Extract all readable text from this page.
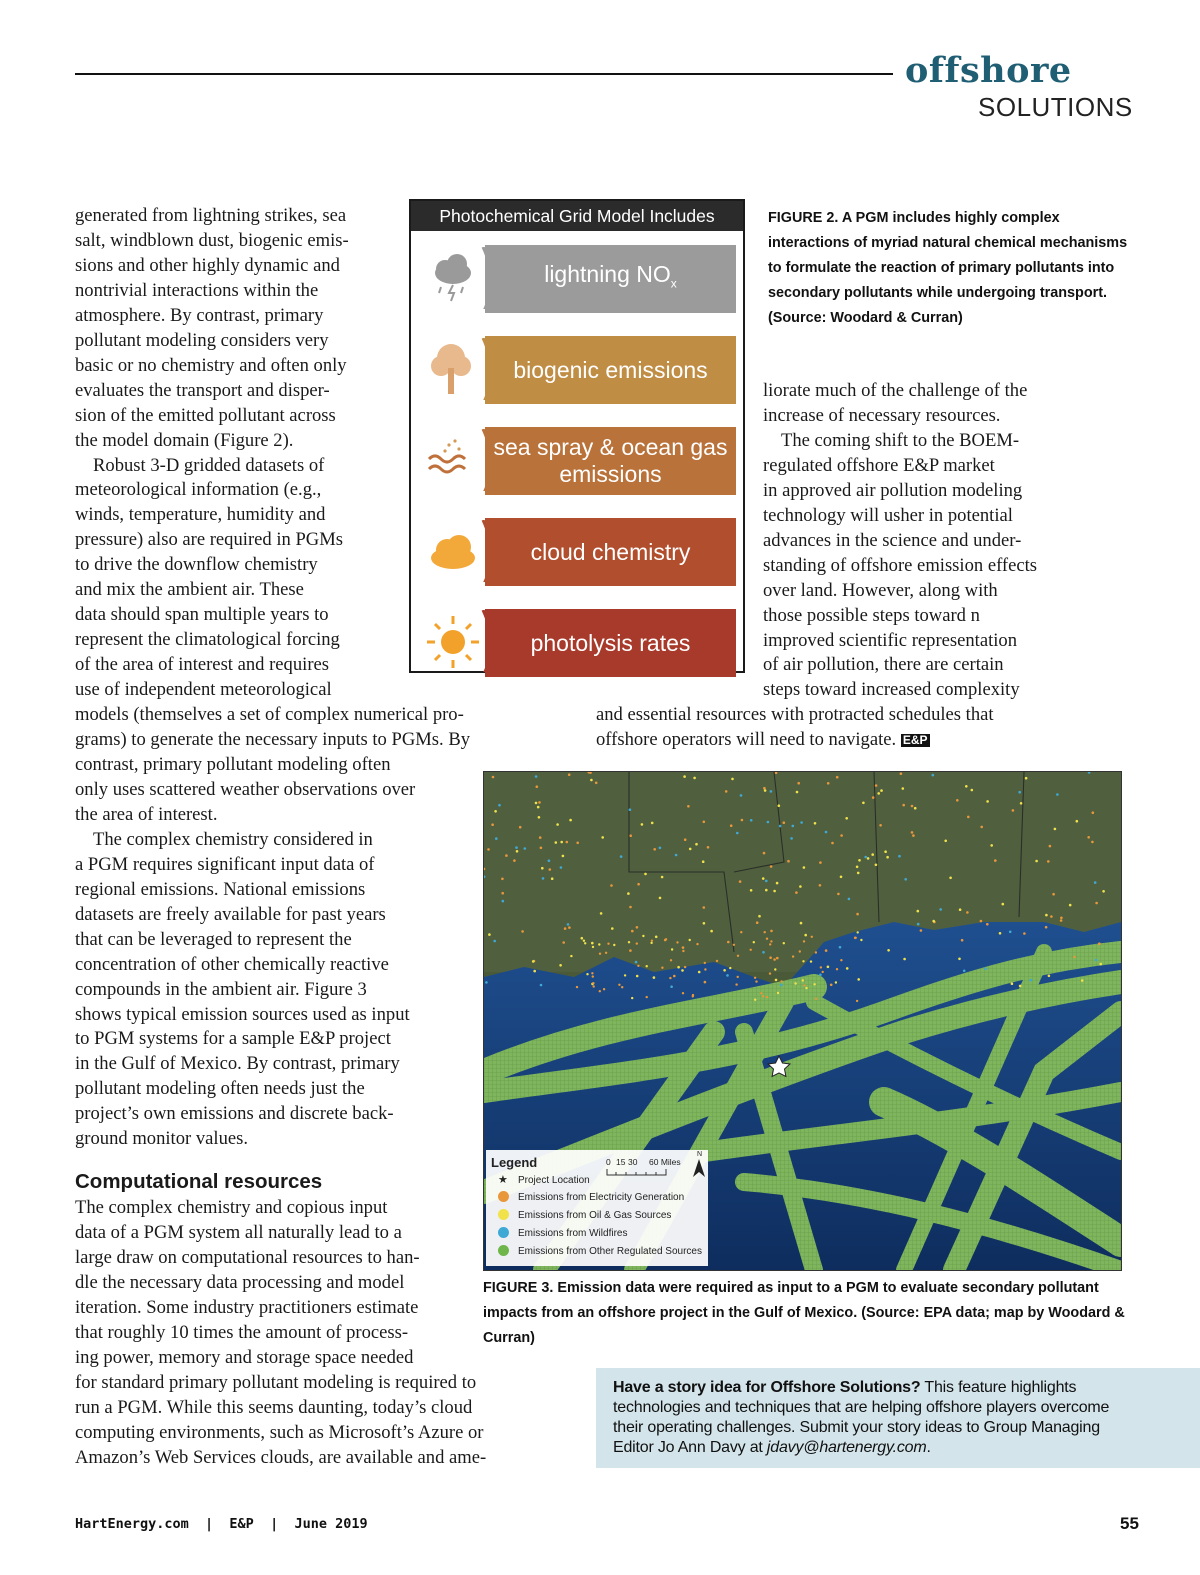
offshore
SOLUTIONS
generated from lightning strikes, sea
salt, windblown dust, biogenic emis-
sions and other highly dynamic and
nontrivial interactions within the
atmosphere. By contrast, primary
pollutant modeling considers very
basic or no chemistry and often only
evaluates the transport and disper-
sion of the emitted pollutant across
the model domain (Figure 2).
Robust 3-D gridded datasets of
meteorological information (e.g.,
winds, temperature, humidity and
pressure) also are required in PGMs
to drive the downflow chemistry
and mix the ambient air. These
data should span multiple years to
represent the climatological forcing
of the area of interest and requires
use of independent meteorological
models (themselves a set of complex numerical pro-
grams) to generate the necessary inputs to PGMs. By
contrast, primary pollutant modeling often
only uses scattered weather observations over
the area of interest.
The complex chemistry considered in
a PGM requires significant input data of
regional emissions. National emissions
datasets are freely available for past years
that can be leveraged to represent the
concentration of other chemically reactive
compounds in the ambient air. Figure 3
shows typical emission sources used as input
to PGM systems for a sample E&P project
in the Gulf of Mexico. By contrast, primary
pollutant modeling often needs just the
project’s own emissions and discrete back-
ground monitor values.
Computational resources
The complex chemistry and copious input
data of a PGM system all naturally lead to a
large draw on computational resources to han-
dle the necessary data processing and model
iteration. Some industry practitioners estimate
that roughly 10 times the amount of process-
ing power, memory and storage space needed
for standard primary pollutant modeling is required to
run a PGM. While this seems daunting, today’s cloud
computing environments, such as Microsoft’s Azure or
Amazon’s Web Services clouds, are available and ame-
liorate much of the challenge of the
increase of necessary resources.
The coming shift to the BOEM-
regulated offshore E&P market
in approved air pollution modeling
technology will usher in potential
advances in the science and under-
standing of offshore emission effects
over land. However, along with
those possible steps toward n
improved scientific representation
of air pollution, there are certain
steps toward increased complexity
and essential resources with protracted schedules that
offshore operators will need to navigate. E&P
Photochemical Grid Model Includes
lightning $NO_x$
biogenic emissions
sea spray & ocean gas emissions
cloud chemistry
photolysis rates
FIGURE 2. A PGM includes highly complex interactions of myriad natural chemical mechanisms to formulate the reaction of primary pollutants into secondary pollutants while undergoing transport. (Source: Woodard & Curran)
Legend	0 15 30 60 Miles
N
★ Project Location
Emissions from Electricity Generation
Emissions from Oil & Gas Sources
Emissions from Wildfires
Emissions from Other Regulated Sources
FIGURE 3. Emission data were required as input to a PGM to evaluate secondary pollutant impacts from an offshore project in the Gulf of Mexico. (Source: EPA data; map by Woodard & Curran)
Have a story idea for Offshore Solutions? This feature highlights technologies and techniques that are helping offshore players overcome their operating challenges. Submit your story ideas to Group Managing Editor Jo Ann Davy at jdavy@hartenergy.com.
HartEnergy.com  |  E&P  |  June 2019	55
